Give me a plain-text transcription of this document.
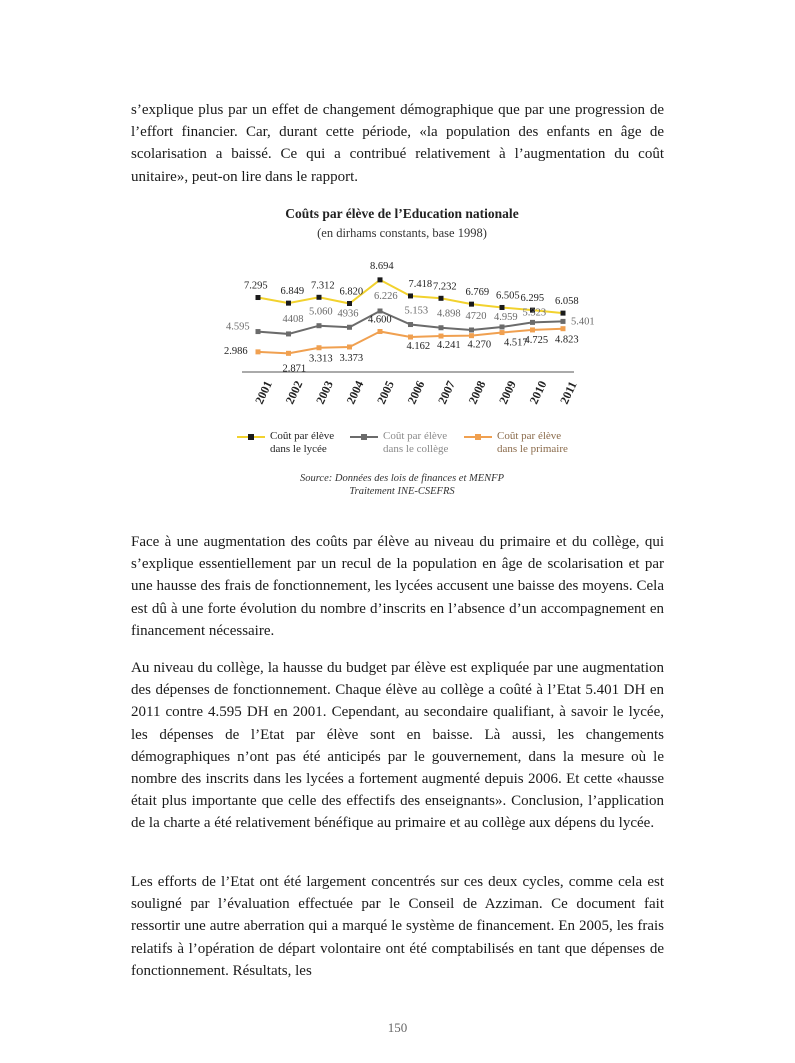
s’explique plus par un effet de changement démographique que par une progression de l’effort financier. Car, durant cette période, «la population des enfants en âge de scolarisation a baissé. Ce qui a contribué relativement à l’augmentation du coût unitaire», peut-on lire dans le rapport.

Coûts par élève de l’Education nationale
(en dirhams constants, base 1998)
2001 2002 2003 2004 2005 2006 2007 2008 2009 2010 2011
7.295
6.849
7.312
6.820
8.694
7.418 7.232
6.769 6.505 6.295 6.058
4.595
4408
5.060 4936
6.226
5.153 4.898 4720 4.959 5.323
5.401
2.986
2.871
3.313 3.373
4.600
4.162 4.241 4.270 4.517
4.725 4.823
Coût par élève
dans le lycée
Coût par élève
dans le collège
Coût par élève
dans le primaire
Source: Données des lois de finances et MENFP
Traitement INE-CSEFRS

Face à une augmentation des coûts par élève au niveau du primaire et du collège, qui s’explique essentiellement par un recul de la population en âge de scolarisation et par une hausse des frais de fonctionnement, les lycées accusent une baisse des moyens. Cela est dû à une forte évolution du nombre d’inscrits en l’absence d’un accompagnement en financement nécessaire.

Au niveau du collège, la hausse du budget par élève est expliquée par une augmentation des dépenses de fonctionnement. Chaque élève au collège a coûté à l’Etat 5.401 DH en 2011 contre 4.595 DH en 2001. Cependant, au secondaire qualifiant, à savoir le lycée, les dépenses de l’Etat par élève sont en baisse. Là aussi, les changements démographiques n’ont pas été anticipés par le gouvernement, dans la mesure où le nombre des inscrits dans les lycées a fortement augmenté depuis 2006. Et cette «hausse était plus importante que celle des effectifs des enseignants». Conclusion, l’application de la charte a été relativement bénéfique au primaire et au collège aux dépens du lycée.

Les efforts de l’Etat ont été largement concentrés sur ces deux cycles, comme cela est souligné par l’évaluation effectuée par le Conseil de Azziman. Ce document fait ressortir une autre aberration qui a marqué le système de financement. En 2005, les frais relatifs à l’opération de départ volontaire ont été comptabilisés en tant que dépenses de fonctionnement. Résultats, les

150
